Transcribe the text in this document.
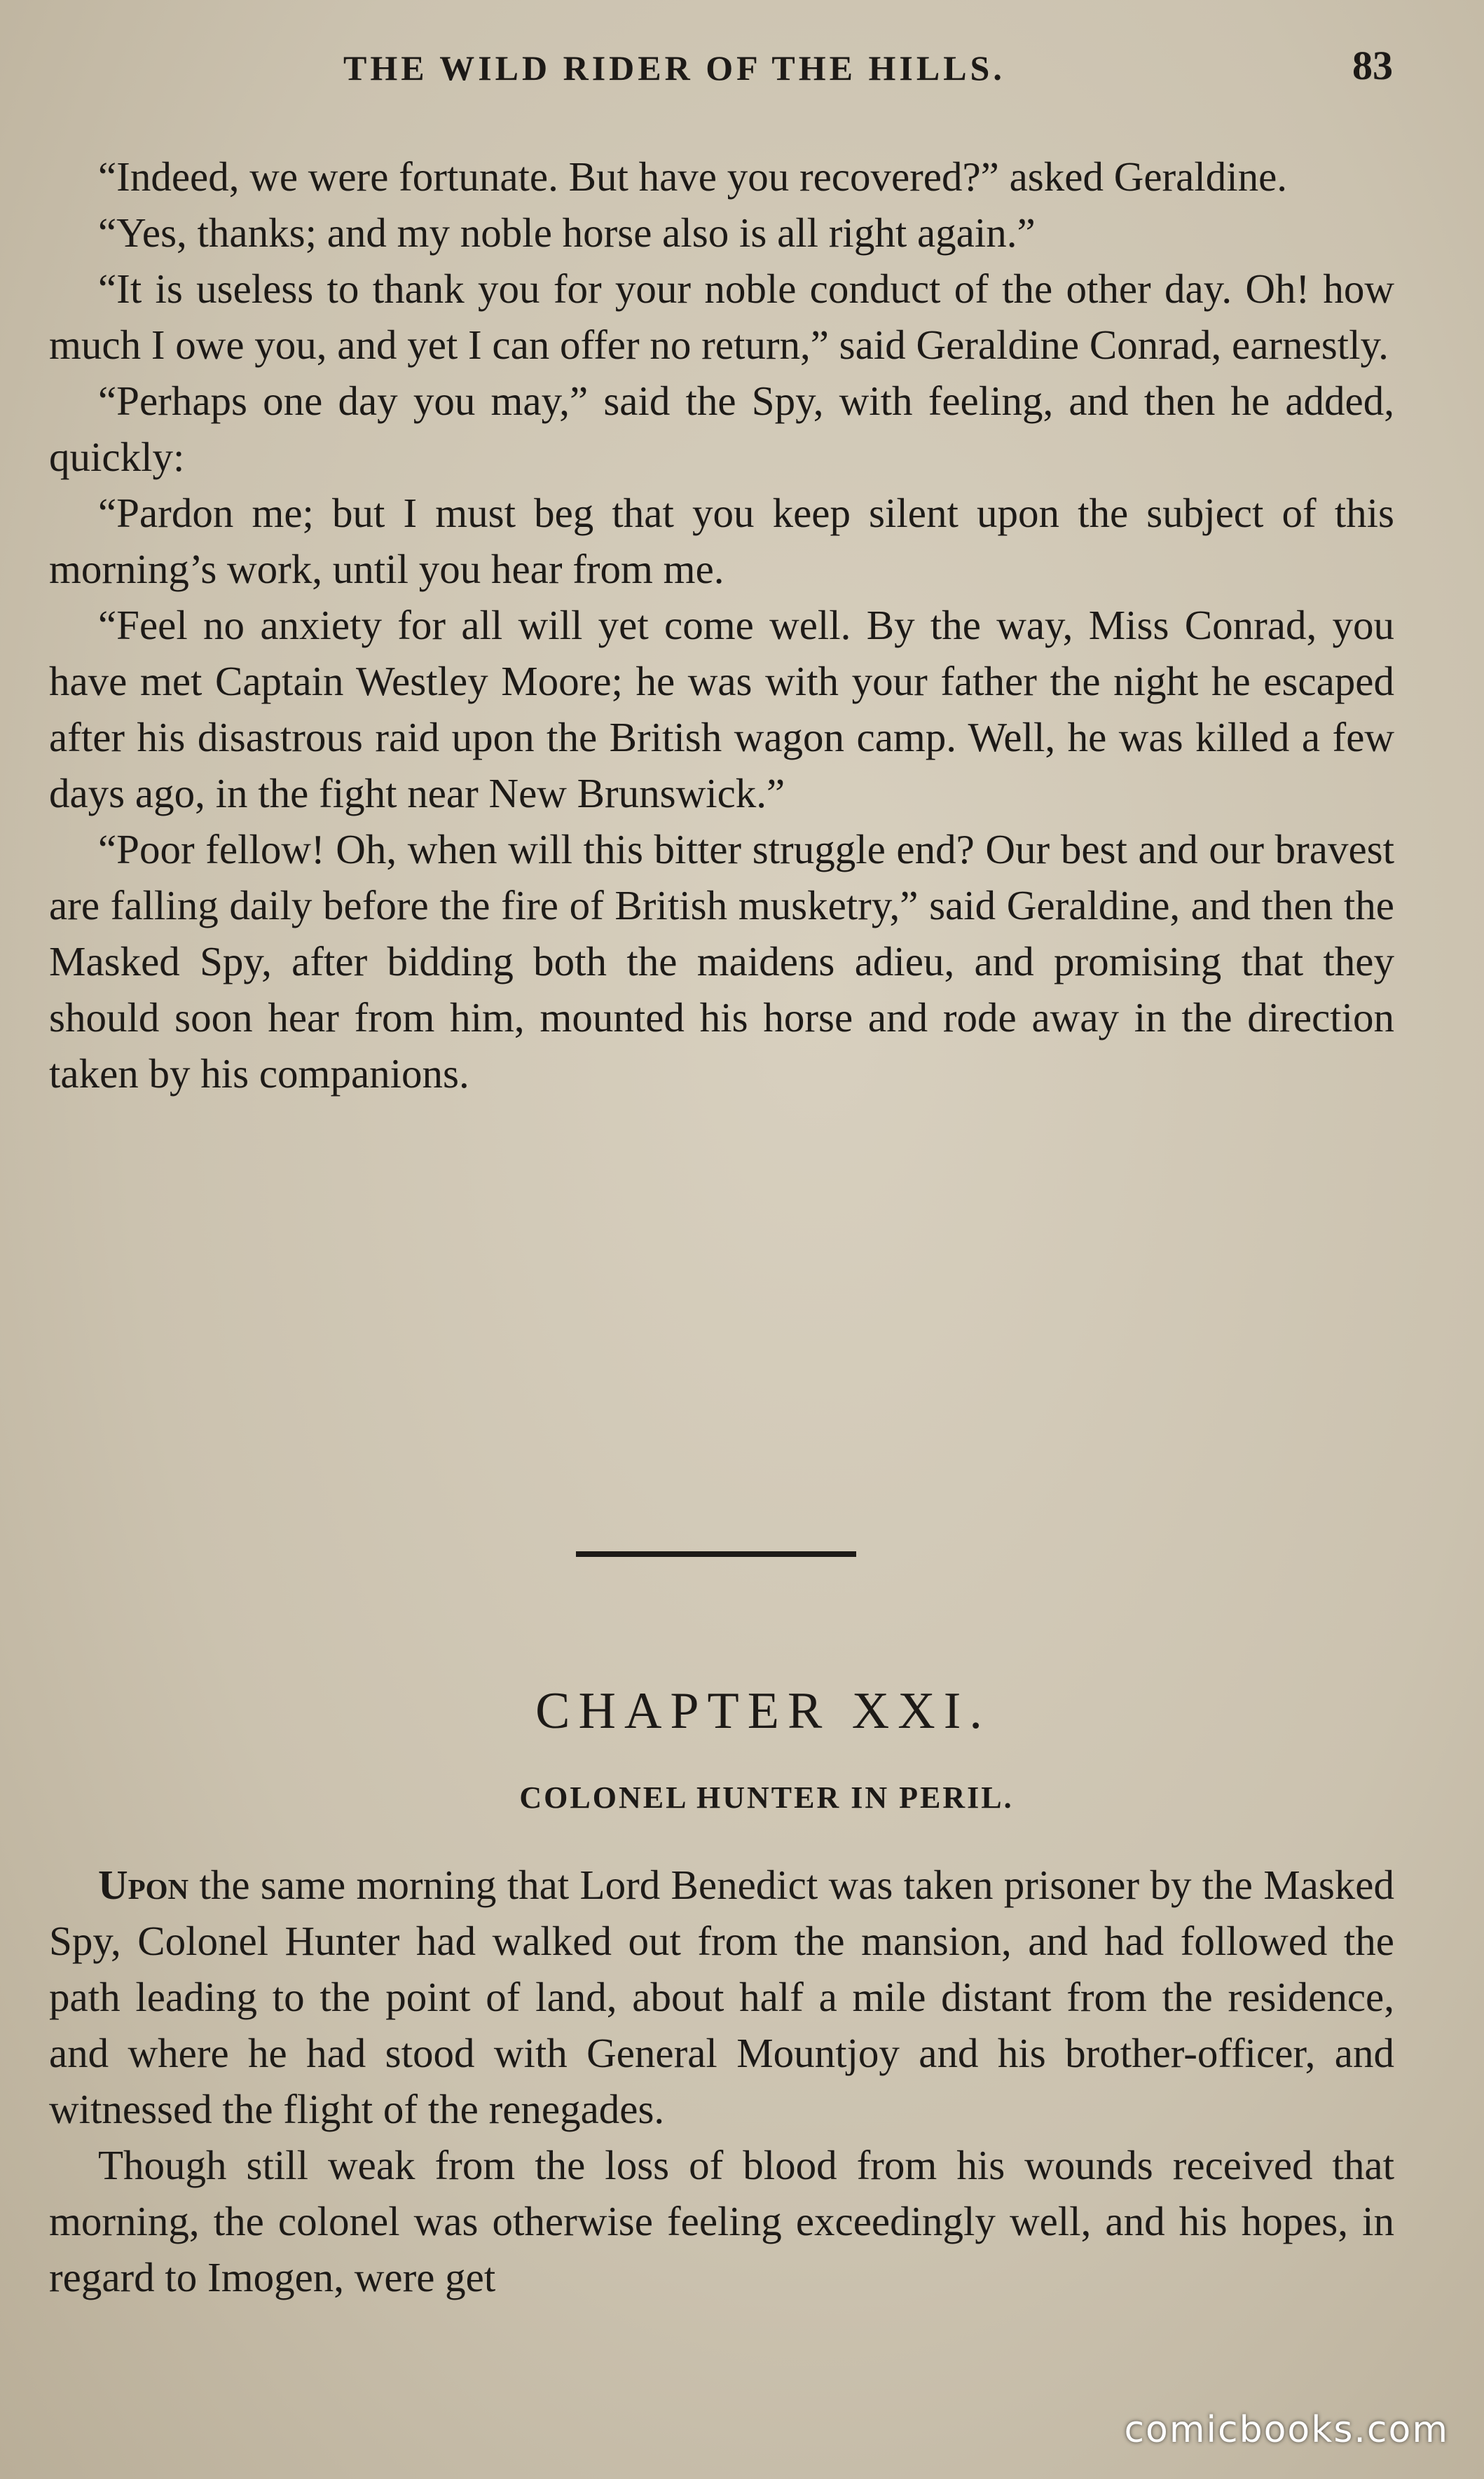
THE WILD RIDER OF THE HILLS.	83

“Indeed, we were fortunate. But have you recovered?” asked Geraldine.

“Yes, thanks; and my noble horse also is all right again.”

“It is useless to thank you for your noble conduct of the other day. Oh! how much I owe you, and yet I can offer no return,” said Geraldine Conrad, earnestly.

“Perhaps one day you may,” said the Spy, with feeling, and then he added, quickly:

“Pardon me; but I must beg that you keep silent upon the subject of this morning’s work, until you hear from me.

“Feel no anxiety for all will yet come well. By the way, Miss Conrad, you have met Captain Westley Moore; he was with your father the night he escaped after his disastrous raid upon the British wagon camp. Well, he was killed a few days ago, in the fight near New Brunswick.”

“Poor fellow! Oh, when will this bitter struggle end? Our best and our bravest are falling daily before the fire of British musketry,” said Geraldine, and then the Masked Spy, after bidding both the maidens adieu, and promising that they should soon hear from him, mounted his horse and rode away in the direction taken by his companions.

CHAPTER XXI.
COLONEL HUNTER IN PERIL.

Upon the same morning that Lord Benedict was taken prisoner by the Masked Spy, Colonel Hunter had walked out from the mansion, and had followed the path leading to the point of land, about half a mile distant from the residence, and where he had stood with General Mountjoy and his brother-officer, and witnessed the flight of the renegades.

Though still weak from the loss of blood from his wounds received that morning, the colonel was otherwise feeling exceedingly well, and his hopes, in regard to Imogen, were get

comicbooks.com
